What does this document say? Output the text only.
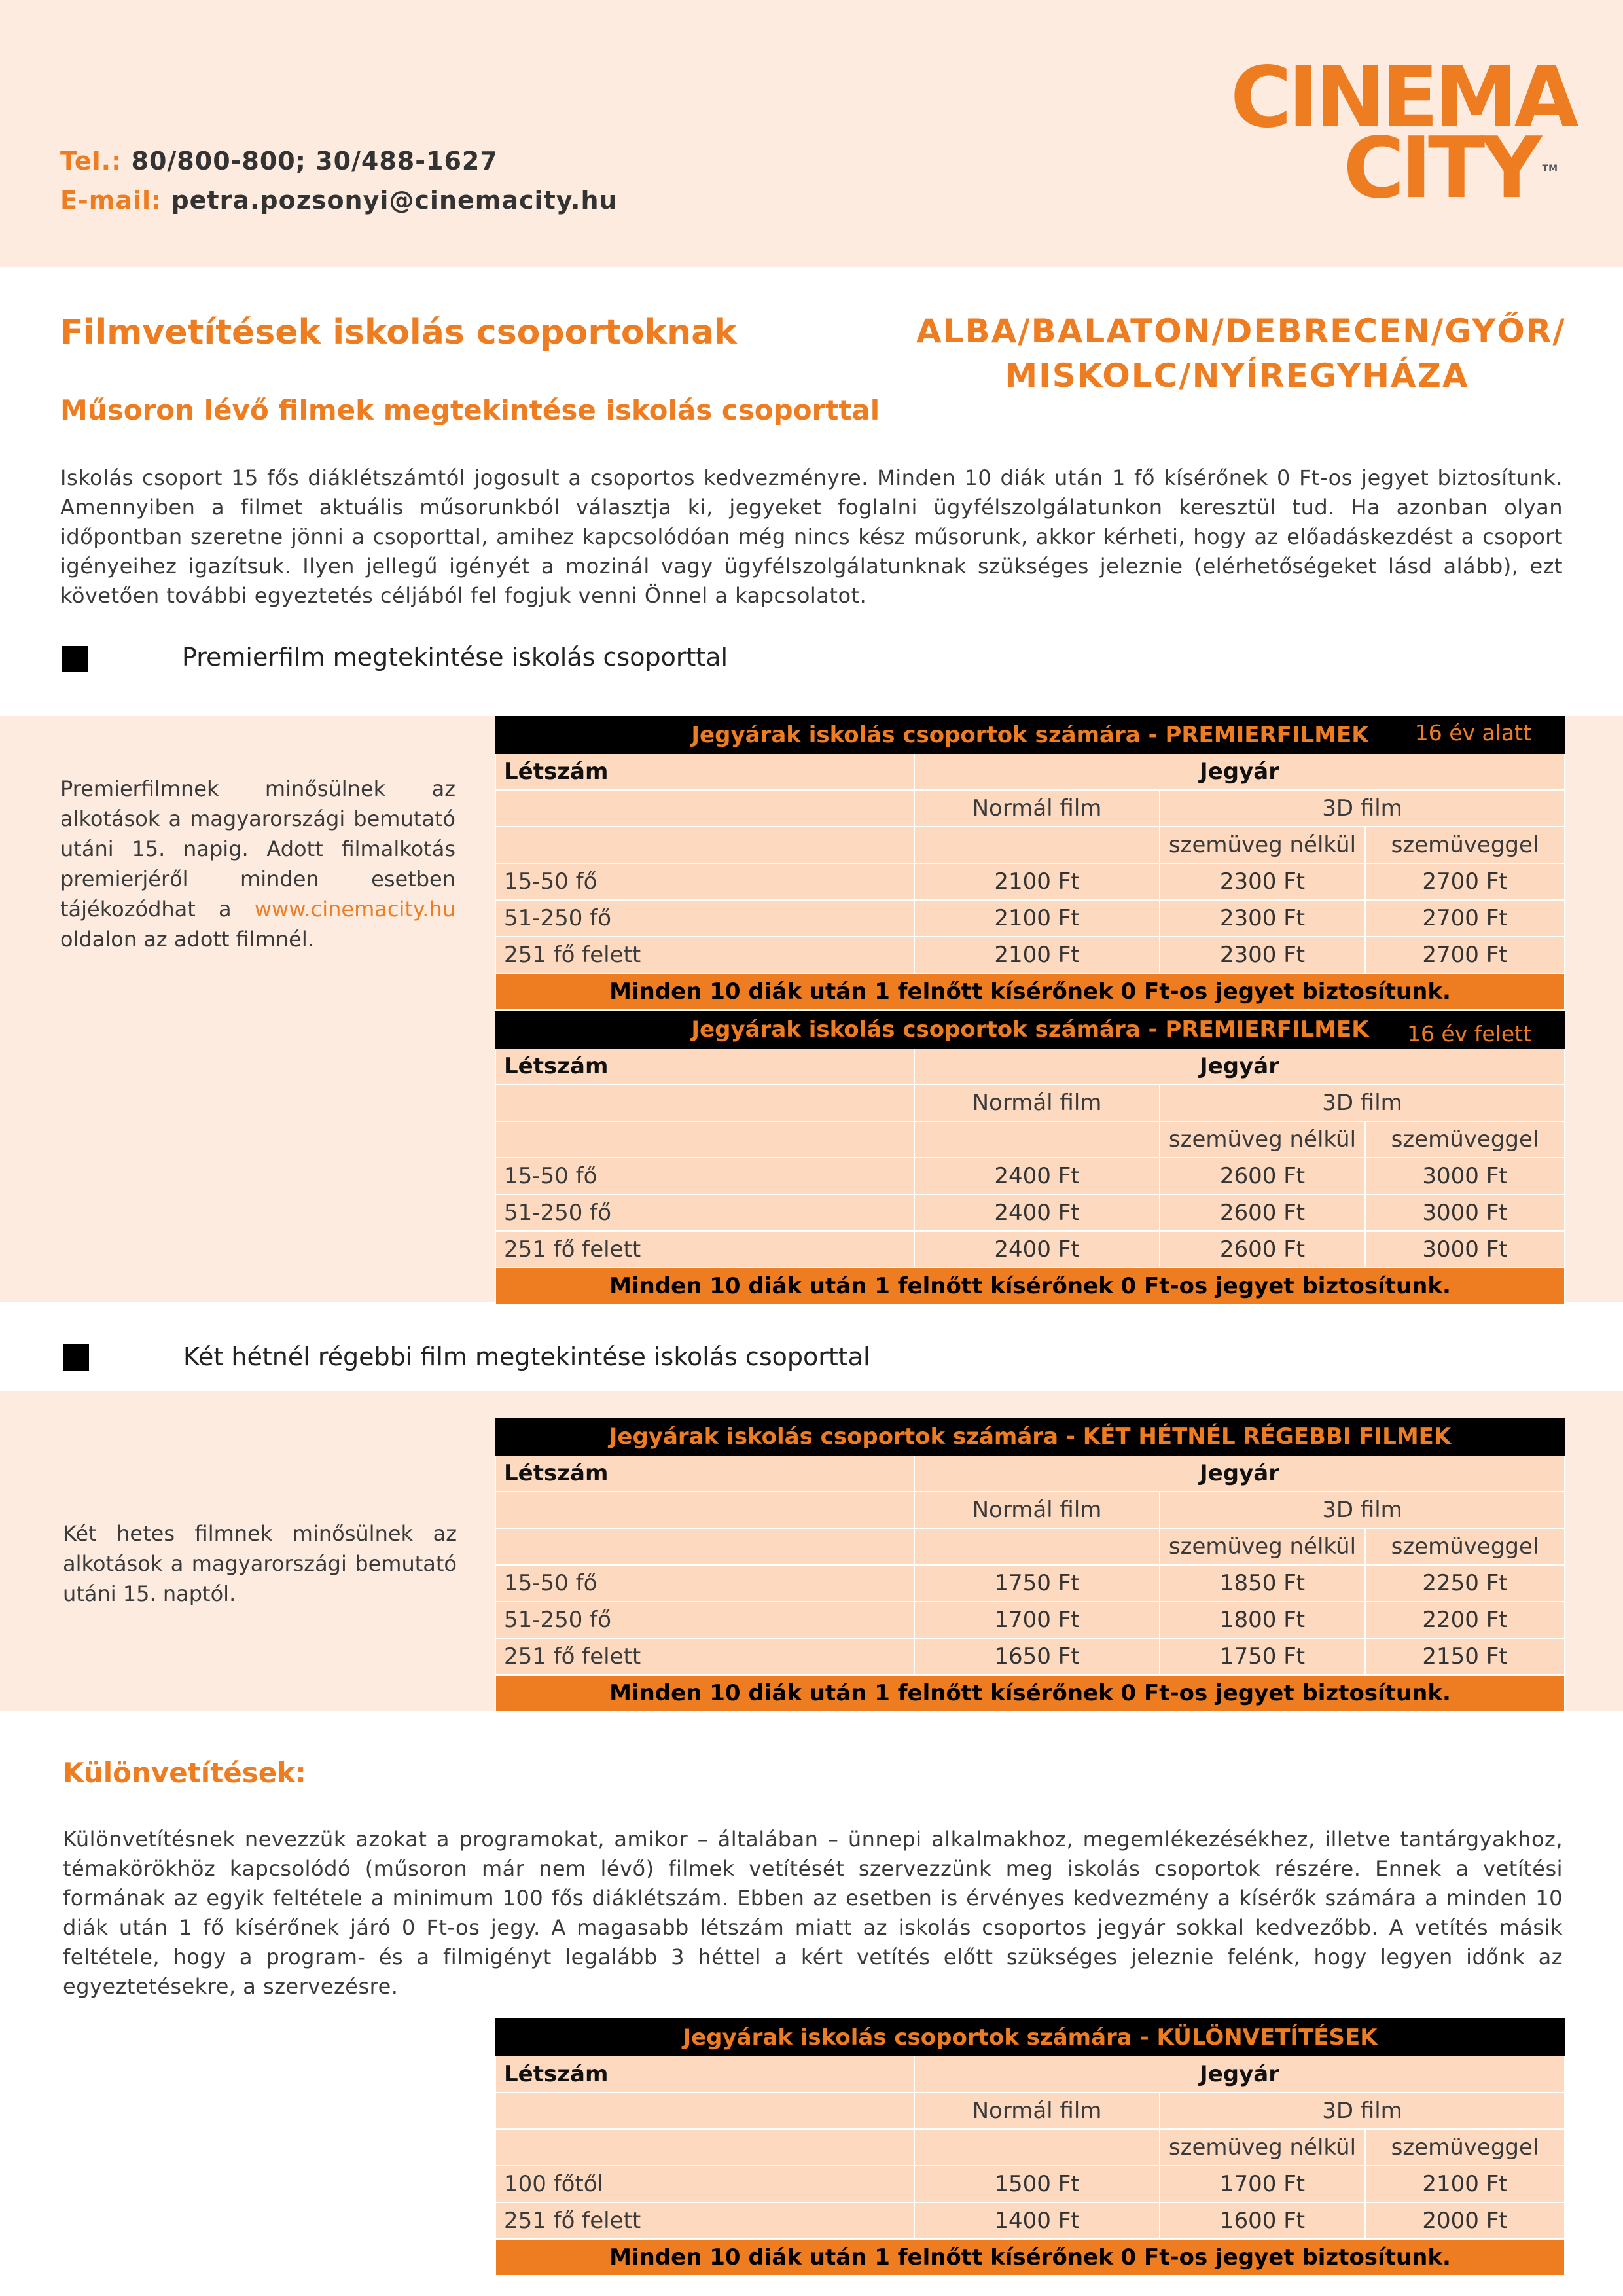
Tel.: 80/800-800; 30/488-1627
E-mail: petra.pozsonyi@cinemacity.hu
CINEMA
CITY TM
Filmvetítések iskolás csoportoknak
Műsoron lévő filmek megtekintése iskolás csoporttal
ALBA/BALATON/DEBRECEN/GYŐR/
MISKOLC/NYÍREGYHÁZA
Iskolás csoport 15 fős diáklétszámtól jogosult a csoportos kedvezményre. Minden 10 diák után 1 fő kísérőnek 0 Ft-os jegyet biztosítunk. Amennyiben a filmet aktuális műsorunkból választja ki, jegyeket foglalni ügyfélszolgálatunkon keresztül tud. Ha azonban olyan időpontban szeretne jönni a csoporttal, amihez kapcsolódóan még nincs kész műsorunk, akkor kérheti, hogy az előadáskezdést a csoport igényeihez igazítsuk. Ilyen jellegű igényét a mozinál vagy ügyfélszolgálatunknak szükséges jeleznie (elérhetőségeket lásd alább), ezt követően további egyeztetés céljából fel fogjuk venni Önnel a kapcsolatot.
Premierfilm megtekintése iskolás csoporttal
Premierfilmnek minősülnek az alkotások a magyarországi bemutató utáni 15. napig. Adott filmalkotás premierjéről minden esetben tájékozódhat a www.cinemacity.hu oldalon az adott filmnél.
Jegyárak iskolás csoportok számára - PREMIERFILMEK 16 év alatt			

Létszám	Jegyár		
	Normál film	3D film	
		szemüveg nélkül	szemüveggel
15-50 fő	2100 Ft	2300 Ft	2700 Ft
51-250 fő	2100 Ft	2300 Ft	2700 Ft
251 fő felett	2100 Ft	2300 Ft	2700 Ft
Minden 10 diák után 1 felnőtt kísérőnek 0 Ft-os jegyet biztosítunk.			
Jegyárak iskolás csoportok számára - PREMIERFILMEK 16 év felett			

Létszám	Jegyár		
	Normál film	3D film	
		szemüveg nélkül	szemüveggel
15-50 fő	2400 Ft	2600 Ft	3000 Ft
51-250 fő	2400 Ft	2600 Ft	3000 Ft
251 fő felett	2400 Ft	2600 Ft	3000 Ft
Minden 10 diák után 1 felnőtt kísérőnek 0 Ft-os jegyet biztosítunk.			
Két hétnél régebbi film megtekintése iskolás csoporttal
Két hetes filmnek minősülnek az alkotások a magyarországi bemutató utáni 15. naptól.
Jegyárak iskolás csoportok számára - KÉT HÉTNÉL RÉGEBBI FILMEK			
Létszám	Jegyár		
	Normál film	3D film	
		szemüveg nélkül	szemüveggel
15-50 fő	1750 Ft	1850 Ft	2250 Ft
51-250 fő	1700 Ft	1800 Ft	2200 Ft
251 fő felett	1650 Ft	1750 Ft	2150 Ft
Minden 10 diák után 1 felnőtt kísérőnek 0 Ft-os jegyet biztosítunk.			
Különvetítések:
Különvetítésnek nevezzük azokat a programokat, amikor – általában – ünnepi alkalmakhoz, megemlékezésékhez, illetve tantárgyakhoz, témakörökhöz kapcsolódó (műsoron már nem lévő) filmek vetítését szervezzünk meg iskolás csoportok részére. Ennek a vetítési formának az egyik feltétele a minimum 100 fős diáklétszám. Ebben az esetben is érvényes kedvezmény a kísérők számára a minden 10 diák után 1 fő kísérőnek járó 0 Ft-os jegy. A magasabb létszám miatt az iskolás csoportos jegyár sokkal kedvezőbb. A vetítés másik feltétele, hogy a program- és a filmigényt legalább 3 héttel a kért vetítés előtt szükséges jeleznie felénk, hogy legyen időnk az egyeztetésekre, a szervezésre.
Jegyárak iskolás csoportok számára - KÜLÖNVETÍTÉSEK			
Létszám	Jegyár		
	Normál film	3D film	
		szemüveg nélkül	szemüveggel
100 főtől	1500 Ft	1700 Ft	2100 Ft
251 fő felett	1400 Ft	1600 Ft	2000 Ft
Minden 10 diák után 1 felnőtt kísérőnek 0 Ft-os jegyet biztosítunk.			
